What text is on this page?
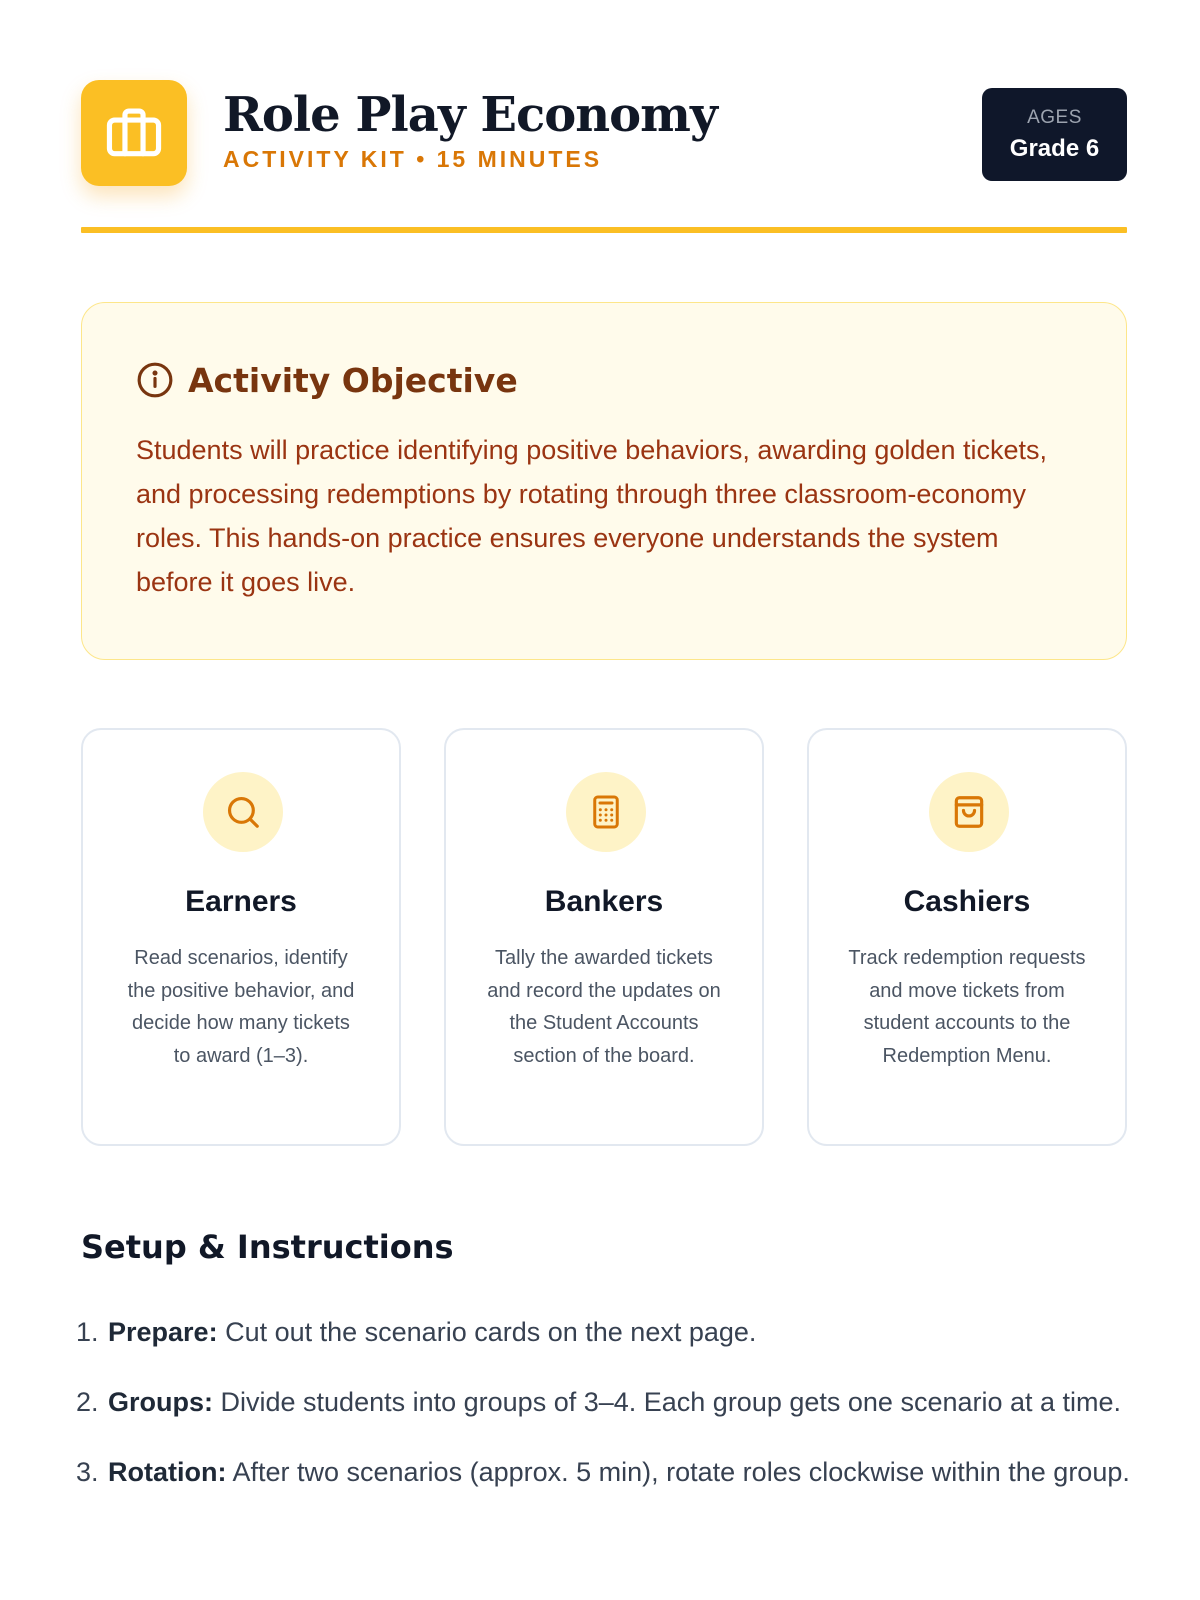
Role Play Economy
ACTIVITY KIT • 15 MINUTES
AGES
Grade 6
Activity Objective

Students will practice identifying positive behaviors, awarding golden tickets, and processing redemptions by rotating through three classroom-economy roles. This hands-on practice ensures everyone understands the system before it goes live.

Earners
Read scenarios, identify the positive behavior, and decide how many tickets to award (1–3).
Bankers
Tally the awarded tickets and record the updates on the Student Accounts section of the board.
Cashiers
Track redemption requests and move tickets from student accounts to the Redemption Menu.
Setup & Instructions
1. Prepare: Cut out the scenario cards on the next page.
2. Groups: Divide students into groups of 3–4. Each group gets one scenario at a time.
3. Rotation: After two scenarios (approx. 5 min), rotate roles clockwise within the group.
